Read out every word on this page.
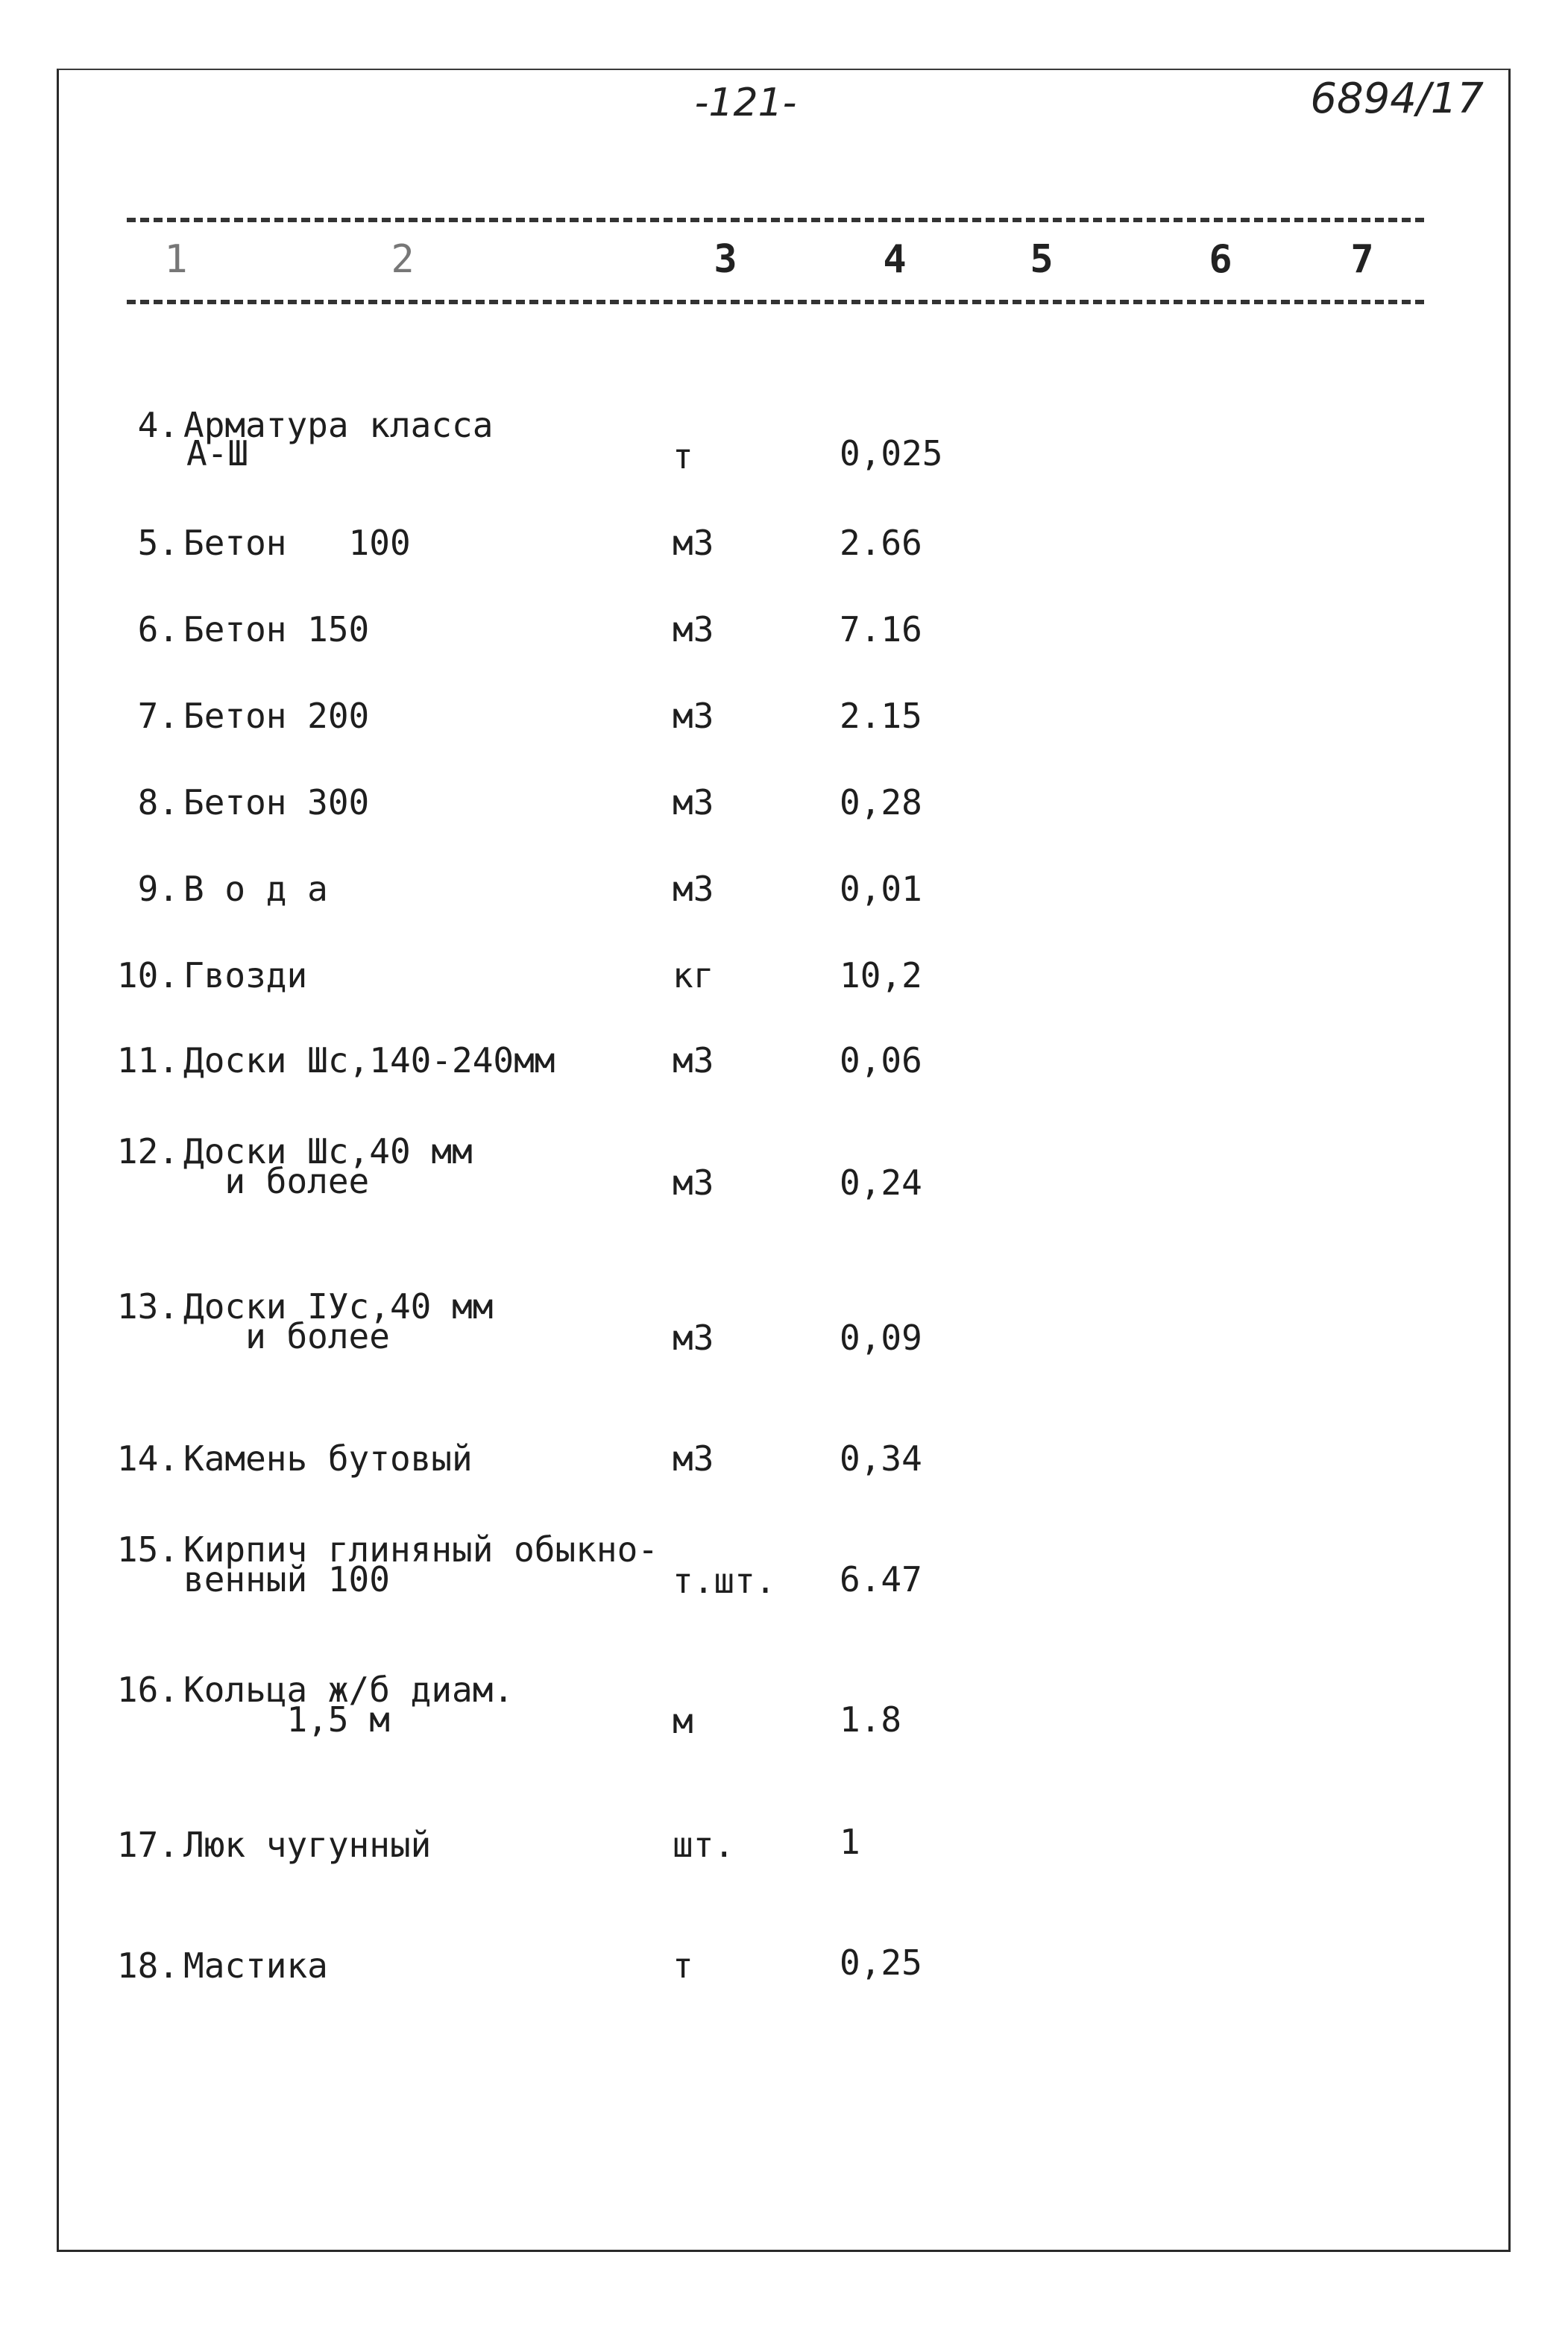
-121-	6894/17
1	2	3	4	5	6	7
4. Арматура класса
А-Ш	т	0,025
5. Бетон   100	м3	2.66
6. Бетон 150	м3	7.16
7. Бетон 200	м3	2.15
8. Бетон 300	м3	0,28
9. В о д а	м3	0,01
10. Гвозди	кг	10,2
11. Доски Шс,140-240мм	м3	0,06
12. Доски Шс,40 мм
и более	м3	0,24
13. Доски IУс,40 мм
и более	м3	0,09
14. Камень бутовый	м3	0,34
15. Кирпич глиняный обыкно-
венный 100	т.шт. 6.47
16. Кольца ж/б диам.
1,5 м	м	1.8
17. Люк чугунный	шт.	1
18. Мастика	т	0,25
